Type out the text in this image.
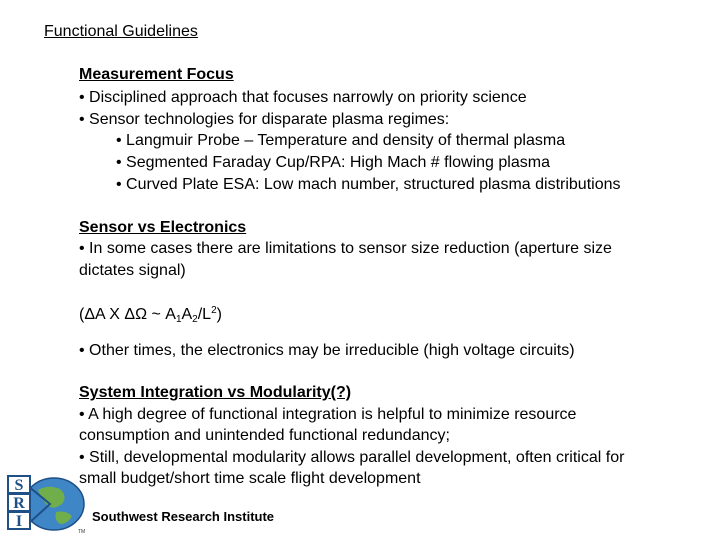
Functional Guidelines
Measurement Focus
• Disciplined approach that focuses narrowly on priority science
• Sensor technologies for disparate plasma regimes:
• Langmuir Probe – Temperature and density of thermal plasma
• Segmented Faraday Cup/RPA: High Mach # flowing plasma
• Curved Plate ESA: Low mach number, structured plasma distributions
Sensor vs Electronics
• In some cases there are limitations to sensor size reduction (aperture size
dictates signal)
(ΔA X ΔΩ ~ $A_1A_2/L^2$)
• Other times, the electronics may be irreducible (high voltage circuits)
System Integration vs Modularity(?)
• A high degree of functional integration is helpful to minimize resource
consumption and unintended functional redundancy;
• Still, developmental modularity allows parallel development, often critical for
small budget/short time scale flight development
S
R
I
TM
Southwest Research Institute
